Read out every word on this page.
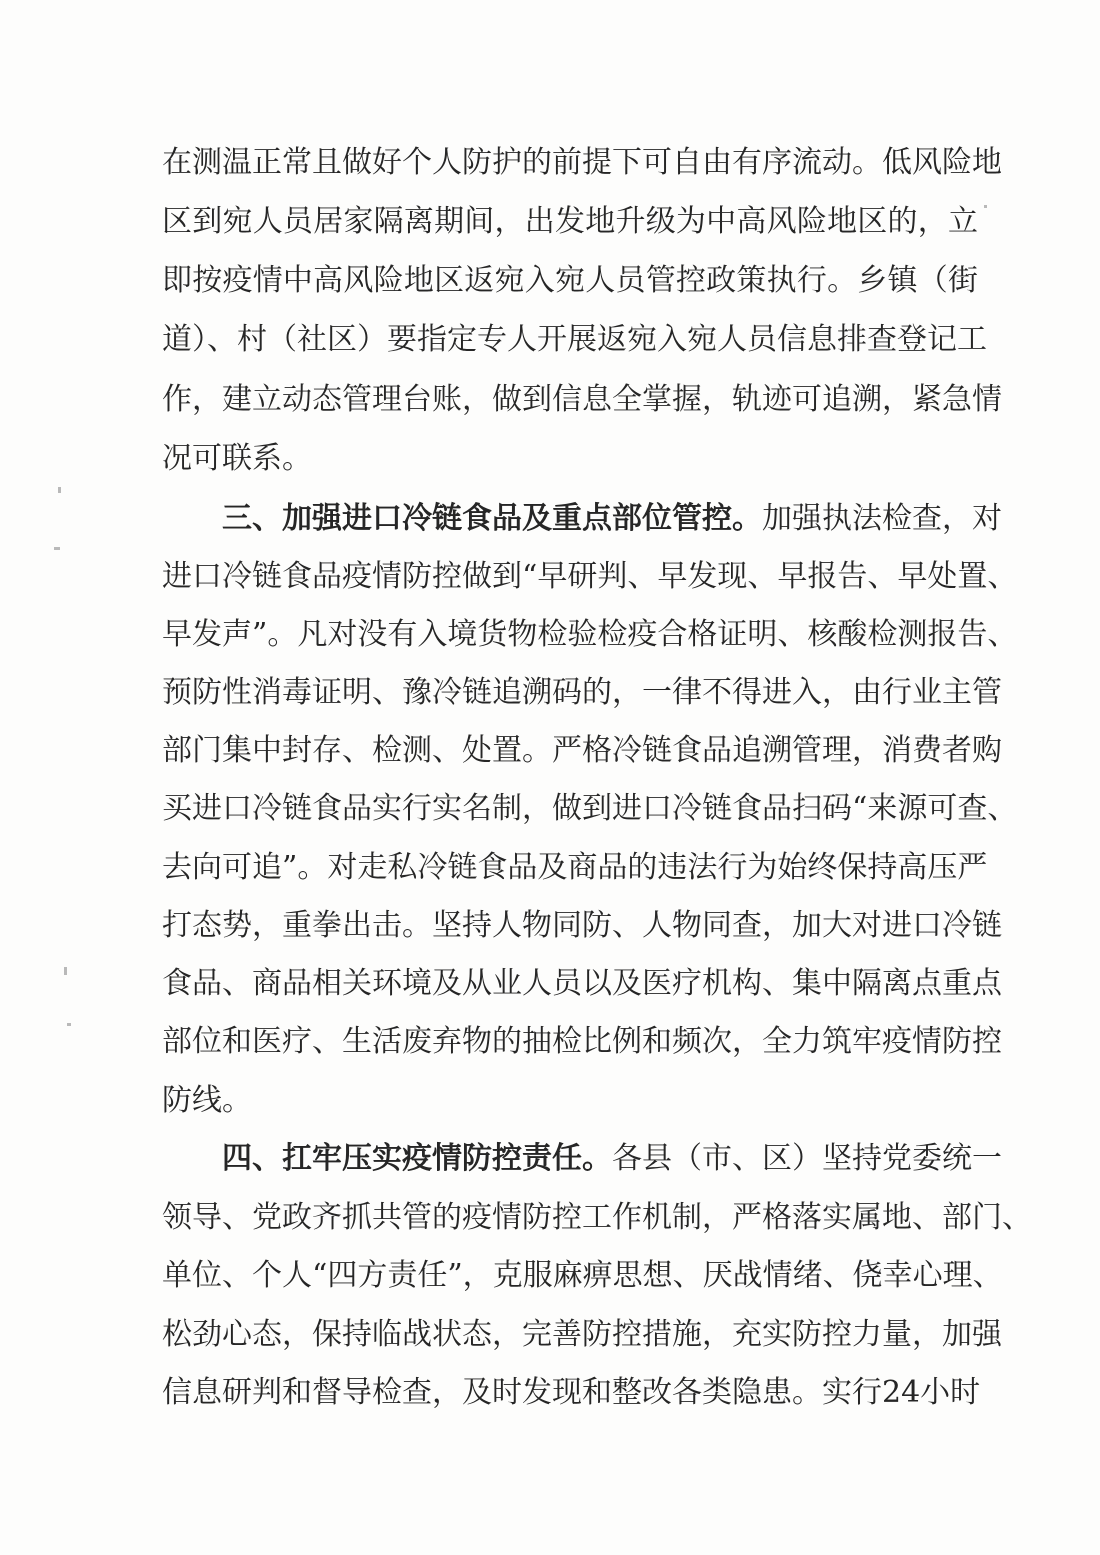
在测温正常且做好个人防护的前提下可自由有序流动。低风险地
区到宛人员居家隔离期间，出发地升级为中高风险地区的，立
即按疫情中高风险地区返宛入宛人员管控政策执行。乡镇（街
道）、村（社区）要指定专人开展返宛入宛人员信息排查登记工
作，建立动态管理台账，做到信息全掌握，轨迹可追溯，紧急情
况可联系。
三、加强进口冷链食品及重点部位管控。加强执法检查，对
进口冷链食品疫情防控做到“早研判、早发现、早报告、早处置、
早发声”。凡对没有入境货物检验检疫合格证明、核酸检测报告、
预防性消毒证明、豫冷链追溯码的，一律不得进入，由行业主管
部门集中封存、检测、处置。严格冷链食品追溯管理，消费者购
买进口冷链食品实行实名制，做到进口冷链食品扫码“来源可查、
去向可追”。对走私冷链食品及商品的违法行为始终保持高压严
打态势，重拳出击。坚持人物同防、人物同查，加大对进口冷链
食品、商品相关环境及从业人员以及医疗机构、集中隔离点重点
部位和医疗、生活废弃物的抽检比例和频次，全力筑牢疫情防控
防线。
四、扛牢压实疫情防控责任。各县（市、区）坚持党委统一
领导、党政齐抓共管的疫情防控工作机制，严格落实属地、部门、
单位、个人“四方责任”，克服麻痹思想、厌战情绪、侥幸心理、
松劲心态，保持临战状态，完善防控措施，充实防控力量，加强
信息研判和督导检查，及时发现和整改各类隐患。实行24小时
